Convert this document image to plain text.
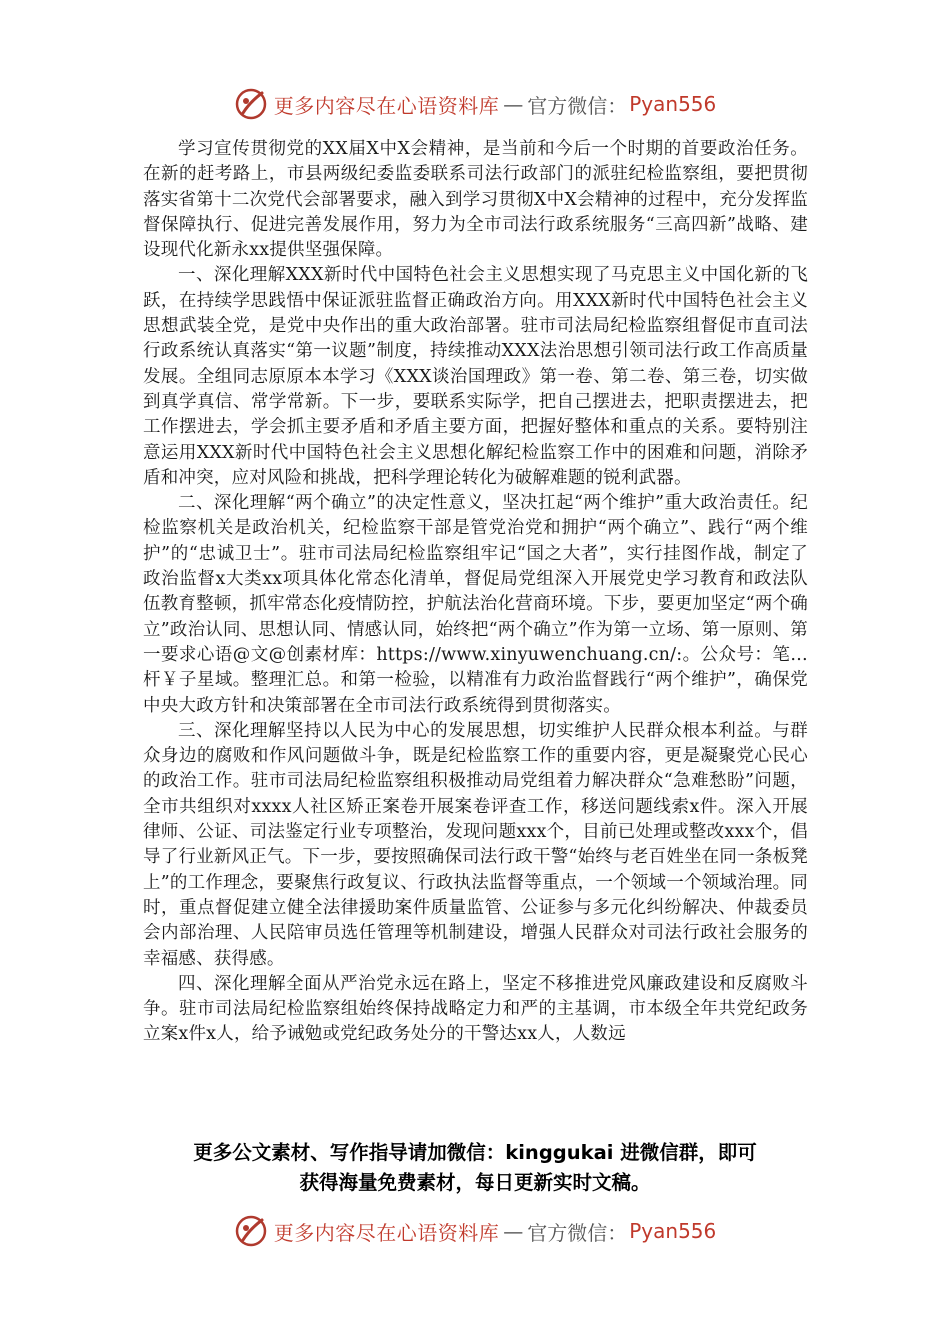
更多内容尽在心语资料库 — 官方微信： Pyan556

学习宣传贯彻党的XX届X中X会精神，是当前和今后一个时期的首要政治任务。在新的赶考路上，市县两级纪委监委联系司法行政部门的派驻纪检监察组，要把贯彻落实省第十二次党代会部署要求，融入到学习贯彻X中X会精神的过程中，充分发挥监督保障执行、促进完善发展作用，努力为全市司法行政系统服务“三高四新”战略、建设现代化新永xx提供坚强保障。

一、深化理解XXX新时代中国特色社会主义思想实现了马克思主义中国化新的飞跃，在持续学思践悟中保证派驻监督正确政治方向。用XXX新时代中国特色社会主义思想武装全党，是党中央作出的重大政治部署。驻市司法局纪检监察组督促市直司法行政系统认真落实“第一议题”制度，持续推动XXX法治思想引领司法行政工作高质量发展。全组同志原原本本学习《XXX谈治国理政》第一卷、第二卷、第三卷，切实做到真学真信、常学常新。下一步，要联系实际学，把自己摆进去，把职责摆进去，把工作摆进去，学会抓主要矛盾和矛盾主要方面，把握好整体和重点的关系。要特别注意运用XXX新时代中国特色社会主义思想化解纪检监察工作中的困难和问题，消除矛盾和冲突，应对风险和挑战，把科学理论转化为破解难题的锐利武器。

二、深化理解“两个确立”的决定性意义，坚决扛起“两个维护”重大政治责任。纪检监察机关是政治机关，纪检监察干部是管党治党和拥护“两个确立”、践行“两个维护”的“忠诚卫士”。驻市司法局纪检监察组牢记“国之大者”，实行挂图作战，制定了政治监督x大类xx项具体化常态化清单，督促局党组深入开展党史学习教育和政法队伍教育整顿，抓牢常态化疫情防控，护航法治化营商环境。下步，要更加坚定“两个确立”政治认同、思想认同、情感认同，始终把“两个确立”作为第一立场、第一原则、第一要求心语@文@创素材库：https://www.xinyuwenchuang.cn/:。公众号：笔…杆￥子星域。整理汇总。和第一检验，以精准有力政治监督践行“两个维护”，确保党中央大政方针和决策部署在全市司法行政系统得到贯彻落实。

三、深化理解坚持以人民为中心的发展思想，切实维护人民群众根本利益。与群众身边的腐败和作风问题做斗争，既是纪检监察工作的重要内容，更是凝聚党心民心的政治工作。驻市司法局纪检监察组积极推动局党组着力解决群众“急难愁盼”问题，全市共组织对xxxx人社区矫正案卷开展案卷评查工作，移送问题线索x件。深入开展律师、公证、司法鉴定行业专项整治，发现问题xxx个，目前已处理或整改xxx个，倡导了行业新风正气。下一步，要按照确保司法行政干警“始终与老百姓坐在同一条板凳上”的工作理念，要聚焦行政复议、行政执法监督等重点，一个领域一个领域治理。同时，重点督促建立健全法律援助案件质量监管、公证参与多元化纠纷解决、仲裁委员会内部治理、人民陪审员选任管理等机制建设，增强人民群众对司法行政社会服务的幸福感、获得感。

四、深化理解全面从严治党永远在路上，坚定不移推进党风廉政建设和反腐败斗争。驻市司法局纪检监察组始终保持战略定力和严的主基调，市本级全年共党纪政务立案x件x人，给予诫勉或党纪政务处分的干警达xx人，人数远

更多公文素材、写作指导请加微信：kinggukai 进微信群，即可
获得海量免费素材，每日更新实时文稿。
更多内容尽在心语资料库 — 官方微信： Pyan556
